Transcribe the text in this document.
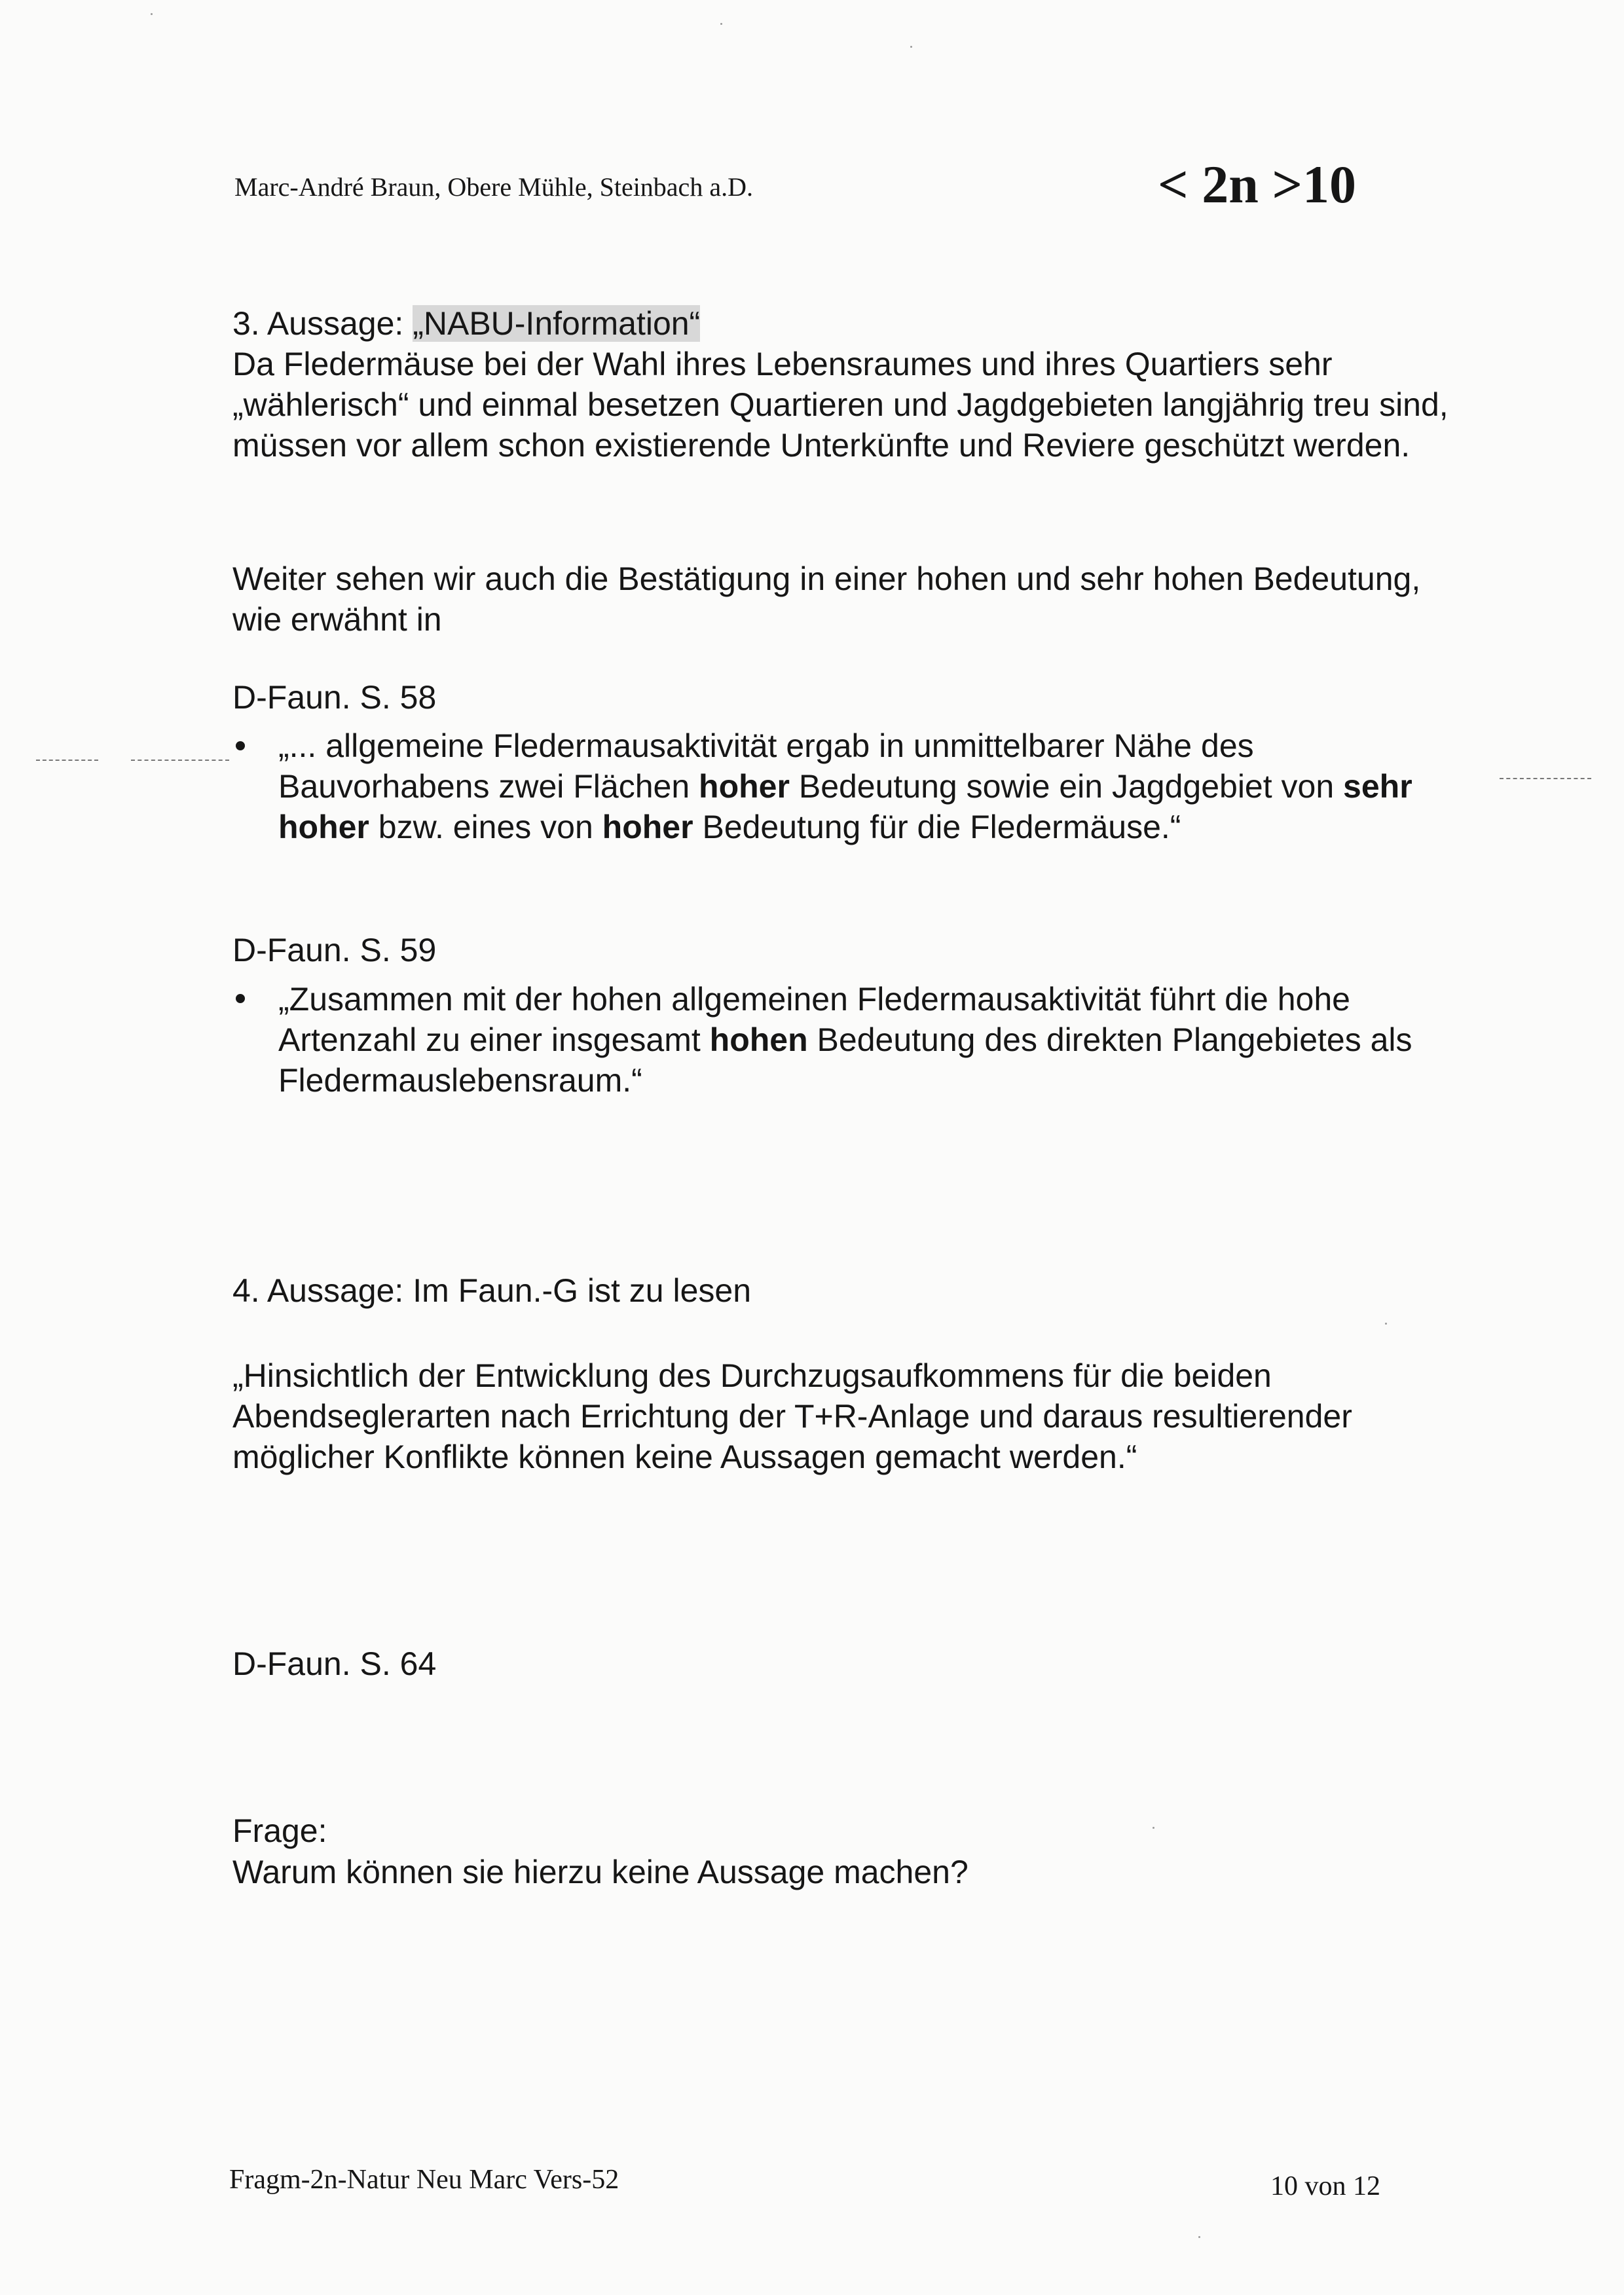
Marc-André Braun, Obere Mühle, Steinbach a.D.	< 2n >10

3. Aussage: „NABU-Information“

Da Fledermäuse bei der Wahl ihres Lebensraumes und ihres Quartiers sehr „wählerisch“ und einmal besetzen Quartieren und Jagdgebieten langjährig treu sind, müssen vor allem schon existierende Unterkünfte und Reviere geschützt werden.

Weiter sehen wir auch die Bestätigung in einer hohen und sehr hohen Bedeutung, wie erwähnt in

D-Faun. S. 58

„... allgemeine Fledermausaktivität ergab in unmittelbarer Nähe des Bauvorhabens zwei Flächen hoher Bedeutung sowie ein Jagdgebiet von sehr hoher bzw. eines von hoher Bedeutung für die Fledermäuse.“

D-Faun. S. 59

„Zusammen mit der hohen allgemeinen Fledermausaktivität führt die hohe Artenzahl zu einer insgesamt hohen Bedeutung des direkten Plangebietes als Fledermauslebensraum.“

4. Aussage: Im Faun.-G ist zu lesen

„Hinsichtlich der Entwicklung des Durchzugsaufkommens für die beiden Abendseglerarten nach Errichtung der T+R-Anlage und daraus resultierender möglicher Konflikte können keine Aussagen gemacht werden.“

D-Faun. S. 64

Frage:

Warum können sie hierzu keine Aussage machen?

Fragm-2n-Natur Neu Marc Vers-52	10 von 12
